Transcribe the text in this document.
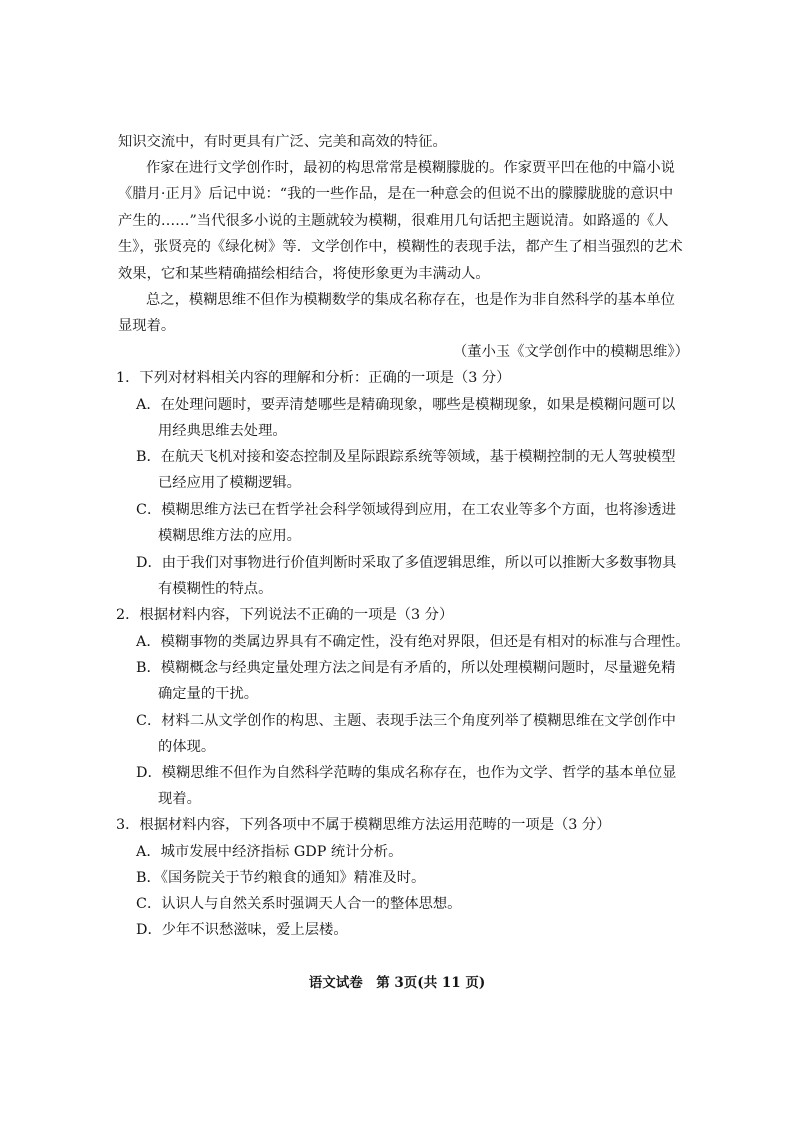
知识交流中，有时更具有广泛、完美和高效的特征。
作家在进行文学创作时，最初的构思常常是模糊朦胧的。作家贾平凹在他的中篇小说
《腊月·正月》后记中说：“我的一些作品，是在一种意会的但说不出的朦朦胧胧的意识中
产生的……”当代很多小说的主题就较为模糊，很难用几句话把主题说清。如路遥的《人
生》，张贤亮的《绿化树》等．文学创作中，模糊性的表现手法，都产生了相当强烈的艺术
效果，它和某些精确描绘相结合，将使形象更为丰满动人。
总之，模糊思维不但作为模糊数学的集成名称存在，也是作为非自然科学的基本单位
显现着。
（董小玉《文学创作中的模糊思维》）
1．下列对材料相关内容的理解和分析：正确的一项是（3 分）
A．在处理问题时，要弄清楚哪些是精确现象，哪些是模糊现象，如果是模糊问题可以
用经典思维去处理。
B．在航天飞机对接和姿态控制及星际跟踪系统等领域，基于模糊控制的无人驾驶模型
已经应用了模糊逻辑。
C．模糊思维方法已在哲学社会科学领域得到应用，在工农业等多个方面，也将渗透进
模糊思维方法的应用。
D．由于我们对事物进行价值判断时采取了多值逻辑思维，所以可以推断大多数事物具
有模糊性的特点。
2．根据材料内容，下列说法不正确的一项是（3 分）
A．模糊事物的类属边界具有不确定性，没有绝对界限，但还是有相对的标准与合理性。
B．模糊概念与经典定量处理方法之间是有矛盾的，所以处理模糊问题时，尽量避免精
确定量的干扰。
C．材料二从文学创作的构思、主题、表现手法三个角度列举了模糊思维在文学创作中
的体现。
D．模糊思维不但作为自然科学范畴的集成名称存在，也作为文学、哲学的基本单位显
现着。
3．根据材料内容，下列各项中不属于模糊思维方法运用范畴的一项是（3 分）
A．城市发展中经济指标 GDP 统计分析。
B．《国务院关于节约粮食的通知》精准及时。
C．认识人与自然关系时强调天人合一的整体思想。
D．少年不识愁滋味，爱上层楼。
语文试卷　第 3页(共 11 页)
